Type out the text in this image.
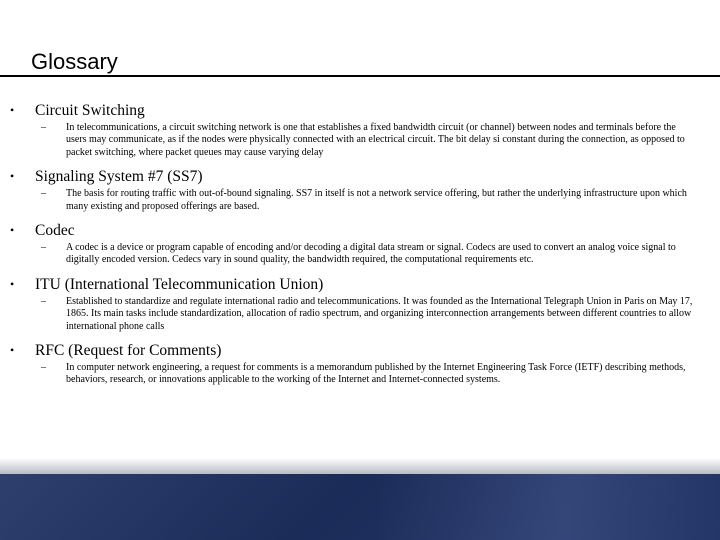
Glossary
• Circuit Switching
– In telecommunications, a circuit switching network is one that establishes a fixed bandwidth circuit (or channel) between nodes and terminals before the users may communicate, as if the nodes were physically connected with an electrical circuit. The bit delay si constant during the connection, as opposed to packet switching, where packet queues may cause varying delay

• Signaling System #7 (SS7)
– The basis for routing traffic with out-of-bound signaling. SS7 in itself is not a network service offering, but rather the underlying infrastructure upon which many existing and proposed offerings are based.

• Codec
– A codec is a device or program capable of encoding and/or decoding a digital data stream or signal. Codecs are used to convert an analog voice signal to digitally encoded version. Cedecs vary in sound quality, the bandwidth required, the computational requirements etc.

• ITU (International Telecommunication Union)
– Established to standardize and regulate international radio and telecommunications. It was founded as the International Telegraph Union in Paris on May 17, 1865. Its main tasks include standardization, allocation of radio spectrum, and organizing interconnection arrangements between different countries to allow international phone calls

• RFC (Request for Comments)
– In computer network engineering, a request for comments is a memorandum published by the Internet Engineering Task Force (IETF) describing methods, behaviors, research, or innovations applicable to the working of the Internet and Internet-connected systems.
